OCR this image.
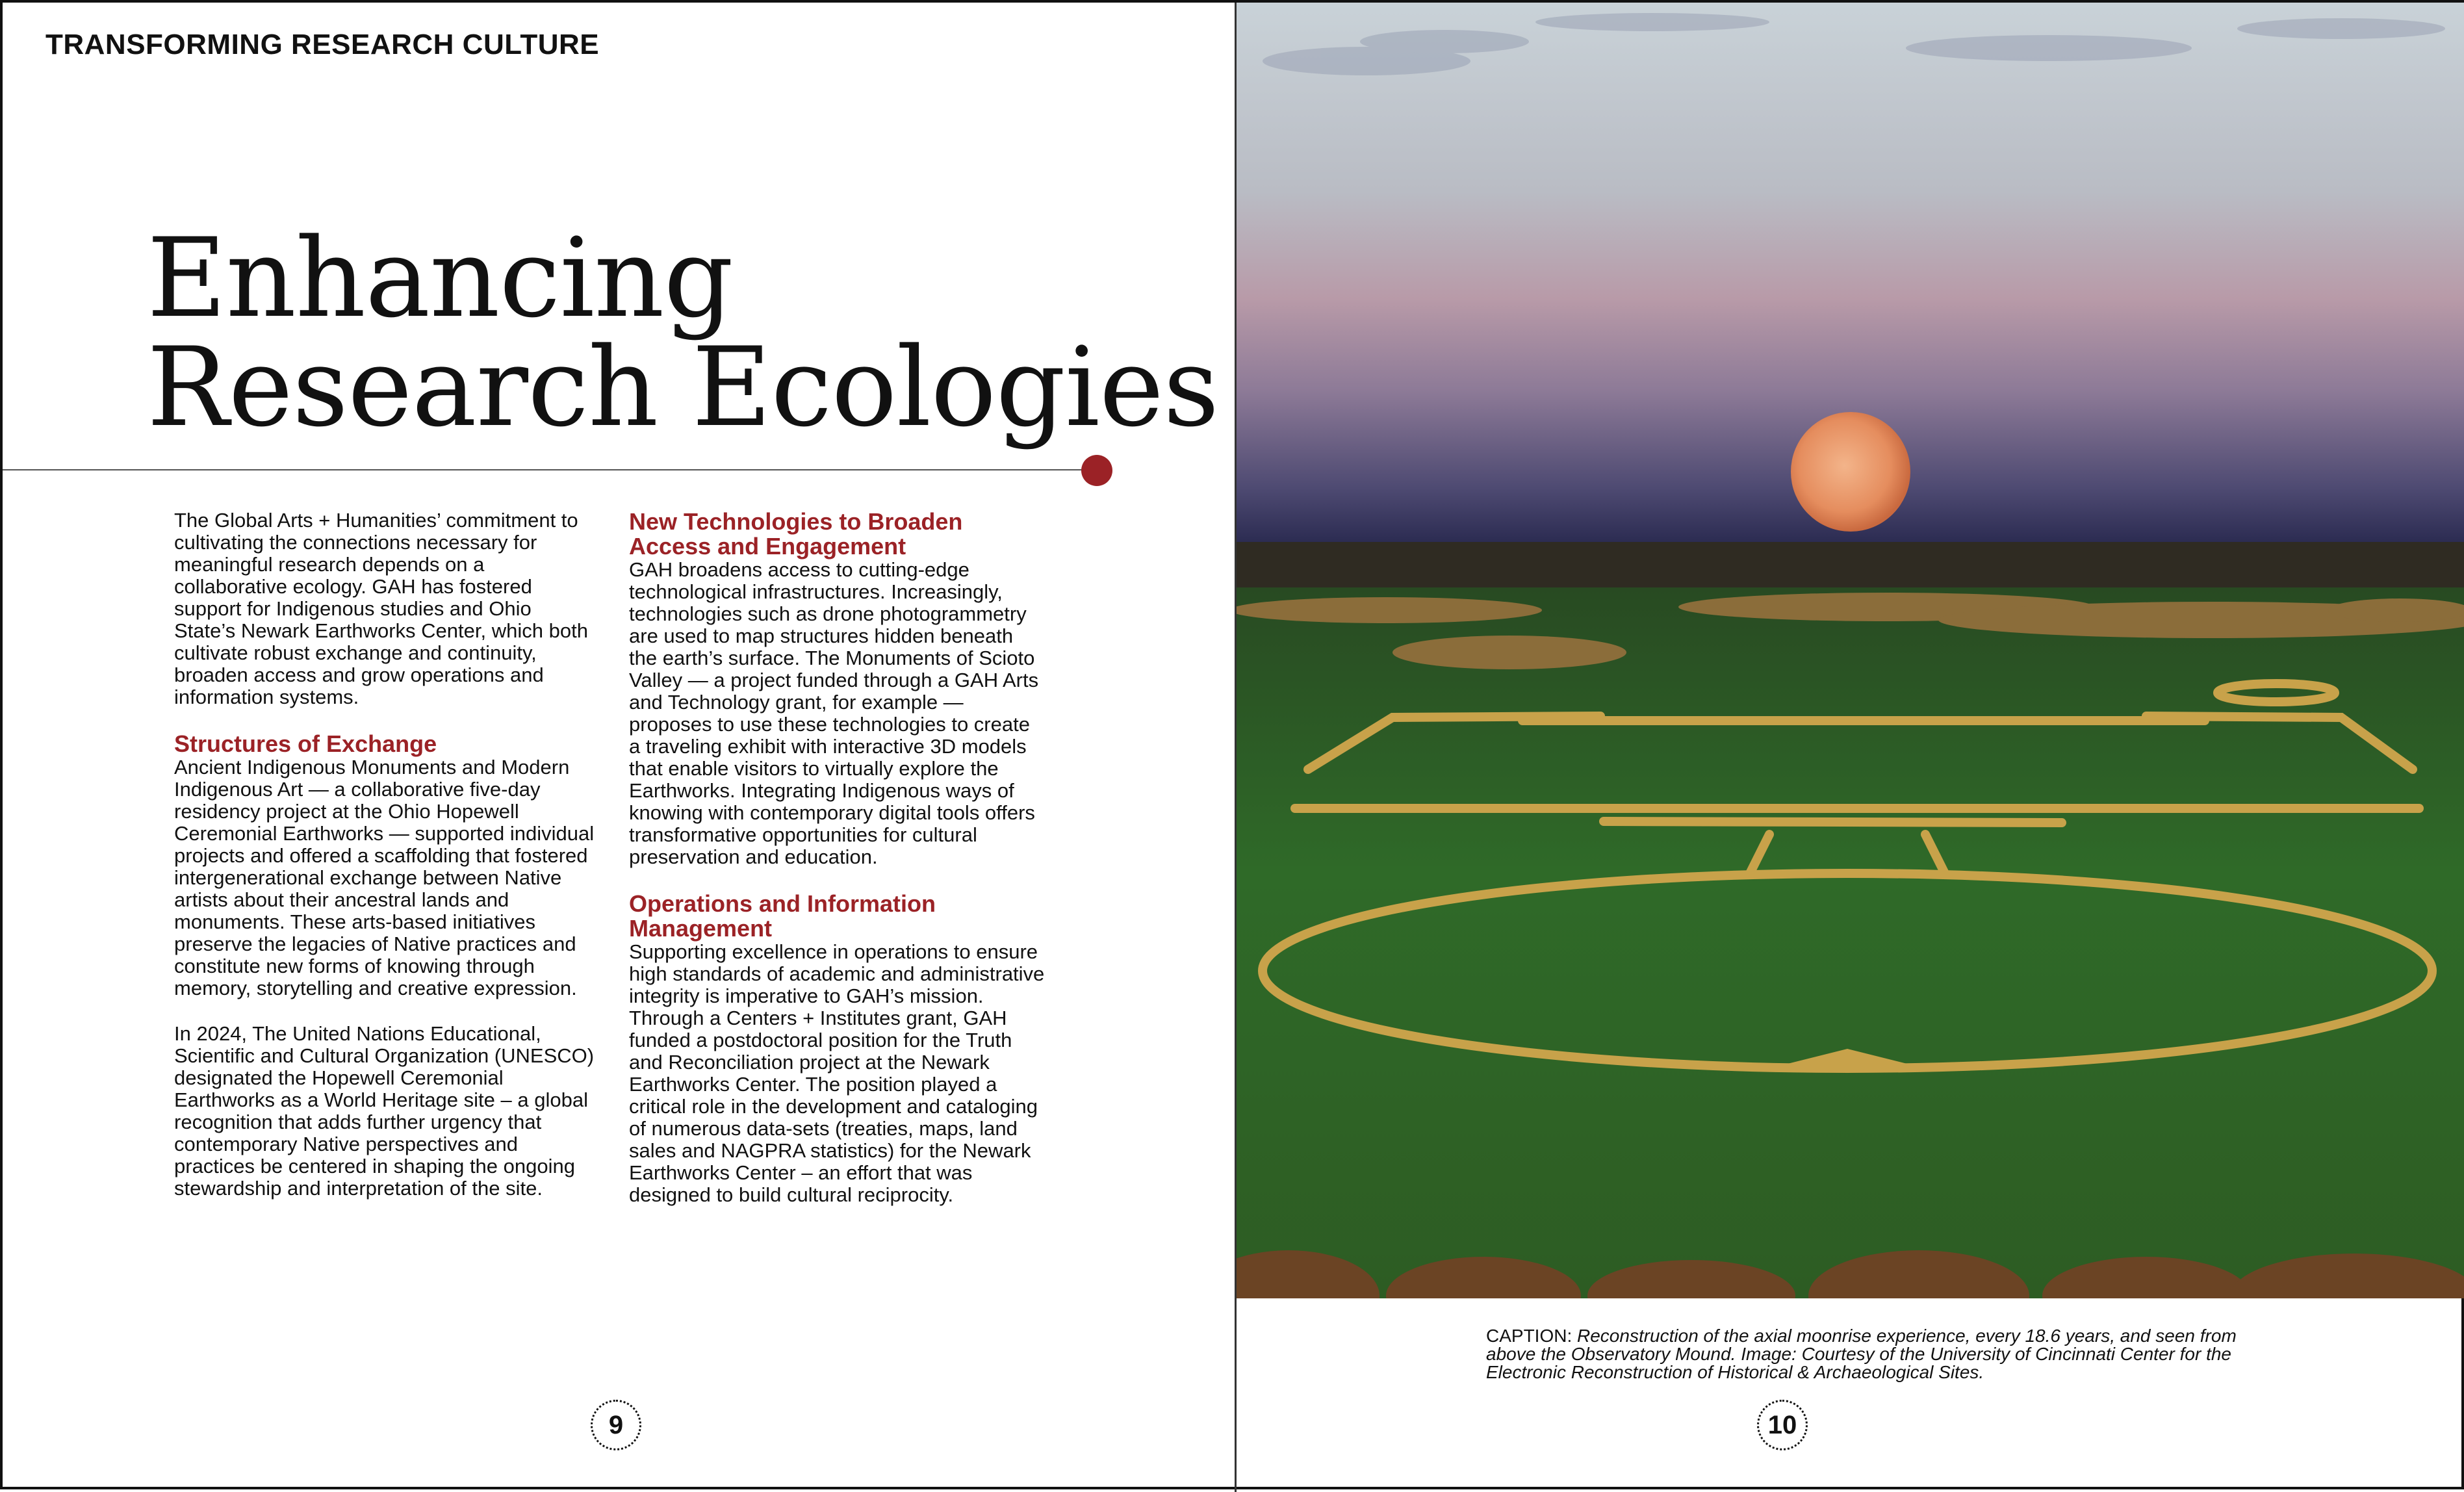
TRANSFORMING RESEARCH CULTURE
Enhancing
Research Ecologies

The Global Arts + Humanities’ commitment to cultivating the connections necessary for meaningful research depends on a collaborative ecology. GAH has fostered support for Indigenous studies and Ohio State’s Newark Earthworks Center, which both cultivate robust exchange and continuity, broaden access and grow operations and information systems.

Structures of Exchange

Ancient Indigenous Monuments and Modern Indigenous Art — a collaborative five-day residency project at the Ohio Hopewell Ceremonial Earthworks — supported individual projects and offered a scaffolding that fostered intergenerational exchange between Native artists about their ancestral lands and monuments. These arts-based initiatives preserve the legacies of Native practices and constitute new forms of knowing through memory, storytelling and creative expression.

In 2024, The United Nations Educational, Scientific and Cultural Organization (UNESCO) designated the Hopewell Ceremonial Earthworks as a World Heritage site – a global recognition that adds further urgency that contemporary Native perspectives and practices be centered in shaping the ongoing stewardship and interpretation of the site.

New Technologies to Broaden Access and Engagement

GAH broadens access to cutting-edge technological infrastructures. Increasingly, technologies such as drone photogrammetry are used to map structures hidden beneath the earth’s surface. The Monuments of Scioto Valley — a project funded through a GAH Arts and Technology grant, for example — proposes to use these technologies to create a traveling exhibit with interactive 3D models that enable visitors to virtually explore the Earthworks. Integrating Indigenous ways of knowing with contemporary digital tools offers transformative opportunities for cultural preservation and education.

Operations and Information Management

Supporting excellence in operations to ensure high standards of academic and administrative integrity is imperative to GAH’s mission. Through a Centers + Institutes grant, GAH funded a postdoctoral position for the Truth and Reconciliation project at the Newark Earthworks Center. The position played a critical role in the development and cataloging of numerous data-sets (treaties, maps, land sales and NAGPRA statistics) for the Newark Earthworks Center – an effort that was designed to build cultural reciprocity.

9
CAPTION: Reconstruction of the axial moonrise experience, every 18.6 years, and seen from above the Observatory Mound. Image: Courtesy of the University of Cincinnati Center for the Electronic Reconstruction of Historical & Archaeological Sites.
10
